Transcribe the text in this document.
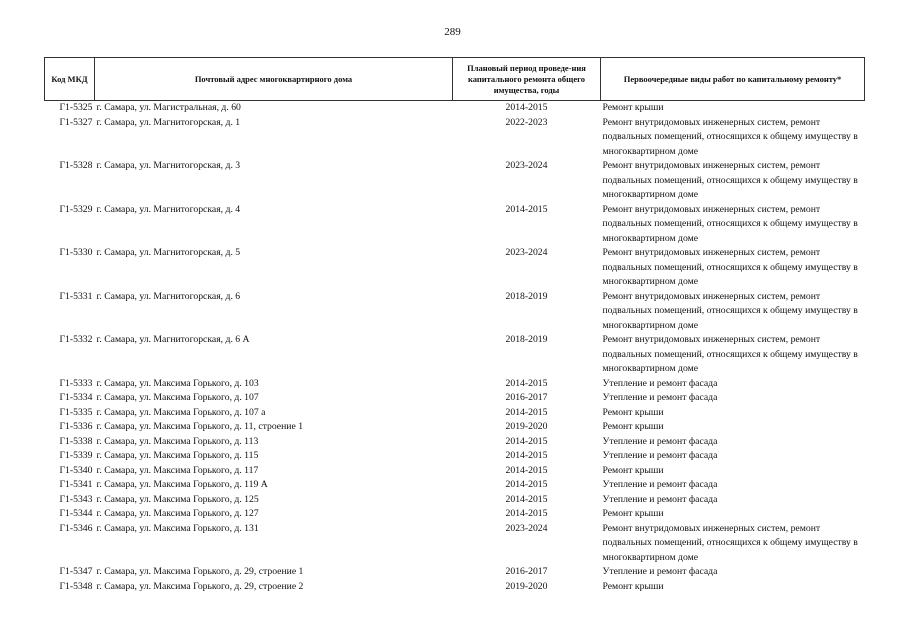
289
Код МКД	Почтовый адрес многоквартирного дома	Плановый период проведе-ния капитального ремонта общего имущества, годы	Первоочередные виды работ по капитальному ремонту*
Г1-5325	г. Самара, ул. Магистральная, д. 60	2014-2015	Ремонт крыши
Г1-5327	г. Самара, ул. Магнитогорская, д. 1	2022-2023	Ремонт внутридомовых инженерных систем, ремонт подвальных помещений, относящихся к общему имуществу в многоквартирном доме
Г1-5328	г. Самара, ул. Магнитогорская, д. 3	2023-2024	Ремонт внутридомовых инженерных систем, ремонт подвальных помещений, относящихся к общему имуществу в многоквартирном доме
Г1-5329	г. Самара, ул. Магнитогорская, д. 4	2014-2015	Ремонт внутридомовых инженерных систем, ремонт подвальных помещений, относящихся к общему имуществу в многоквартирном доме
Г1-5330	г. Самара, ул. Магнитогорская, д. 5	2023-2024	Ремонт внутридомовых инженерных систем, ремонт подвальных помещений, относящихся к общему имуществу в многоквартирном доме
Г1-5331	г. Самара, ул. Магнитогорская, д. 6	2018-2019	Ремонт внутридомовых инженерных систем, ремонт подвальных помещений, относящихся к общему имуществу в многоквартирном доме
Г1-5332	г. Самара, ул. Магнитогорская, д. 6 А	2018-2019	Ремонт внутридомовых инженерных систем, ремонт подвальных помещений, относящихся к общему имуществу в многоквартирном доме
Г1-5333	г. Самара, ул. Максима Горького, д. 103	2014-2015	Утепление и ремонт фасада
Г1-5334	г. Самара, ул. Максима Горького, д. 107	2016-2017	Утепление и ремонт фасада
Г1-5335	г. Самара, ул. Максима Горького, д. 107 а	2014-2015	Ремонт крыши
Г1-5336	г. Самара, ул. Максима Горького, д. 11, строение 1	2019-2020	Ремонт крыши
Г1-5338	г. Самара, ул. Максима Горького, д. 113	2014-2015	Утепление и ремонт фасада
Г1-5339	г. Самара, ул. Максима Горького, д. 115	2014-2015	Утепление и ремонт фасада
Г1-5340	г. Самара, ул. Максима Горького, д. 117	2014-2015	Ремонт крыши
Г1-5341	г. Самара, ул. Максима Горького, д. 119 А	2014-2015	Утепление и ремонт фасада
Г1-5343	г. Самара, ул. Максима Горького, д. 125	2014-2015	Утепление и ремонт фасада
Г1-5344	г. Самара, ул. Максима Горького, д. 127	2014-2015	Ремонт крыши
Г1-5346	г. Самара, ул. Максима Горького, д. 131	2023-2024	Ремонт внутридомовых инженерных систем, ремонт подвальных помещений, относящихся к общему имуществу в многоквартирном доме
Г1-5347	г. Самара, ул. Максима Горького, д. 29, строение 1	2016-2017	Утепление и ремонт фасада
Г1-5348	г. Самара, ул. Максима Горького, д. 29, строение 2	2019-2020	Ремонт крыши
